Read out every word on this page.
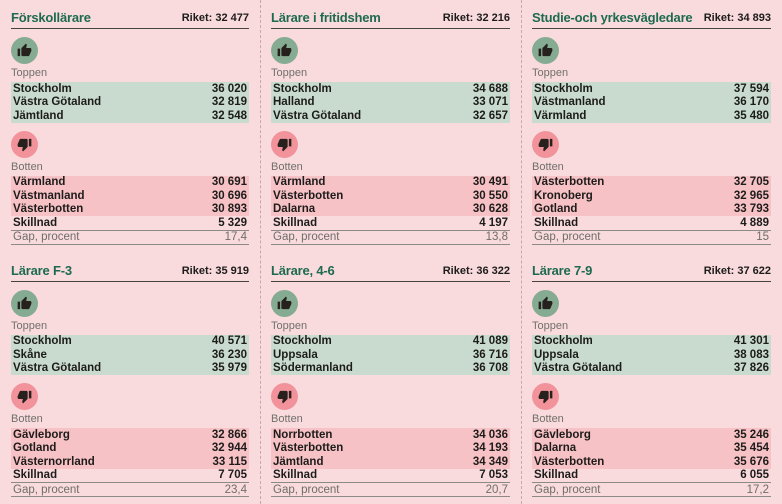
Förskollärare	Riket: 32 477
Toppen
Stockholm	36 020
Västra Götaland	32 819
Jämtland	32 548
Botten
Värmland	30 691
Västmanland	30 696
Västerbotten	30 893
Skillnad	5 329
Gap, procent	17,4
Lärare i fritidshem	Riket: 32 216
Toppen
Stockholm	34 688
Halland	33 071
Västra Götaland	32 657
Botten
Värmland	30 491
Västerbotten	30 550
Dalarna	30 628
Skillnad	4 197
Gap, procent	13,8
Studie-och yrkesvägledare Riket: 34 893
Toppen
Stockholm	37 594
Västmanland	36 170
Värmland	35 480
Botten
Västerbotten	32 705
Kronoberg	32 965
Gotland	33 793
Skillnad	4 889
Gap, procent	15
Lärare F-3	Riket: 35 919
Toppen
Stockholm	40 571
Skåne	36 230
Västra Götaland	35 979
Botten
Gävleborg	32 866
Gotland	32 944
Västernorrland	33 115
Skillnad	7 705
Gap, procent	23,4
Lärare, 4-6	Riket: 36 322
Toppen
Stockholm	41 089
Uppsala	36 716
Södermanland	36 708
Botten
Norrbotten	34 036
Västerbotten	34 193
Jämtland	34 349
Skillnad	7 053
Gap, procent	20,7
Lärare 7-9	Riket: 37 622
Toppen
Stockholm	41 301
Uppsala	38 083
Västra Götaland	37 826
Botten
Gävleborg	35 246
Dalarna	35 454
Västerbotten	35 676
Skillnad	6 055
Gap, procent	17,2
